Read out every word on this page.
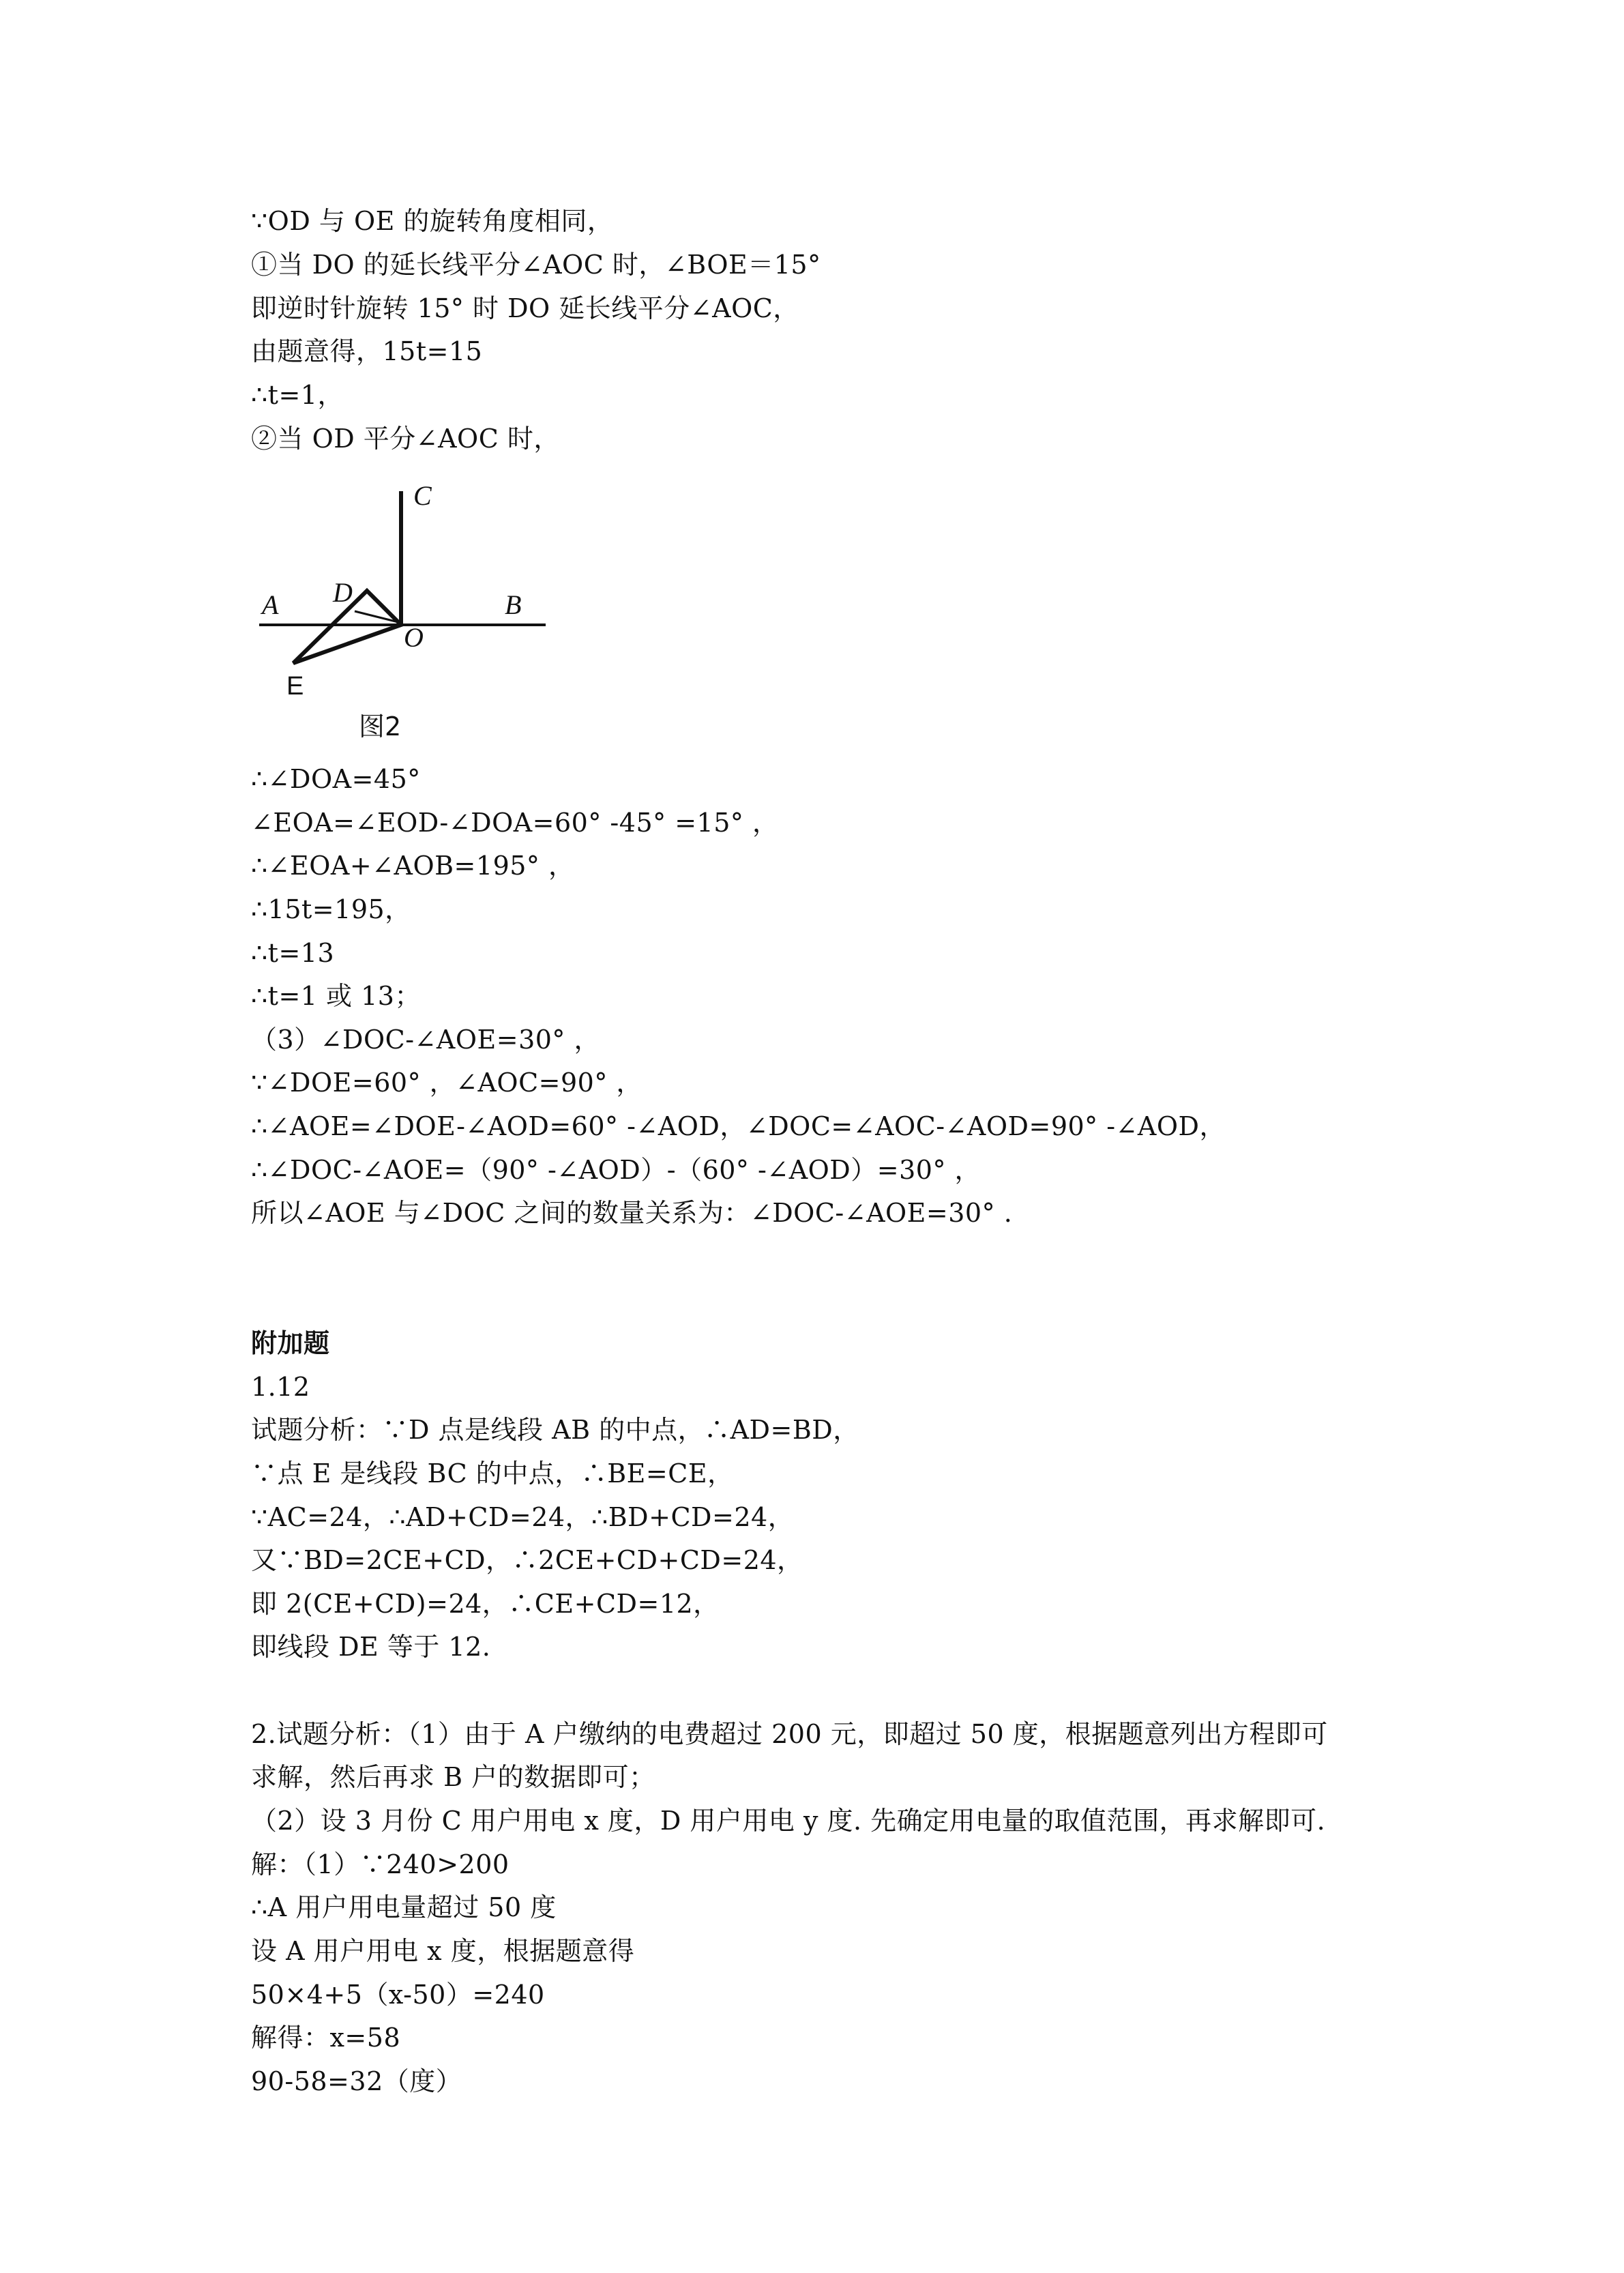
∵OD 与 OE 的旋转角度相同，
①当 DO 的延长线平分∠AOC 时，∠BOE＝15°
即逆时针旋转 15° 时 DO 延长线平分∠AOC，
由题意得，15t=15
∴t=1，
②当 OD 平分∠AOC 时，
C
A D	B
O
E
图2
∴∠DOA=45°
∠EOA=∠EOD-∠DOA=60° -45° =15° ，
∴∠EOA+∠AOB=195° ，
∴15t=195，
∴t=13
∴t=1 或 13；
（3）∠DOC-∠AOE=30° ，
∵∠DOE=60° ，∠AOC=90° ，
∴∠AOE=∠DOE-∠AOD=60° -∠AOD，∠DOC=∠AOC-∠AOD=90° -∠AOD，
∴∠DOC-∠AOE=（90° -∠AOD）-（60° -∠AOD）=30° ，
所以∠AOE 与∠DOC 之间的数量关系为：∠DOC-∠AOE=30° .
附加题
1.12
试题分析：∵D 点是线段 AB 的中点，∴AD=BD，
∵点 E 是线段 BC 的中点，∴BE=CE，
∵AC=24，∴AD+CD=24，∴BD+CD=24，
又∵BD=2CE+CD，∴2CE+CD+CD=24，
即 2(CE+CD)=24，∴CE+CD=12，
即线段 DE 等于 12.
2.试题分析：（1）由于 A 户缴纳的电费超过 200 元，即超过 50 度，根据题意列出方程即可
求解，然后再求 B 户的数据即可；
（2）设 3 月份 C 用户用电 x 度，D 用户用电 y 度. 先确定用电量的取值范围，再求解即可.
解：（1）∵240>200
∴A 用户用电量超过 50 度
设 A 用户用电 x 度，根据题意得
50×4+5（x-50）=240
解得：x=58
90-58=32（度）
